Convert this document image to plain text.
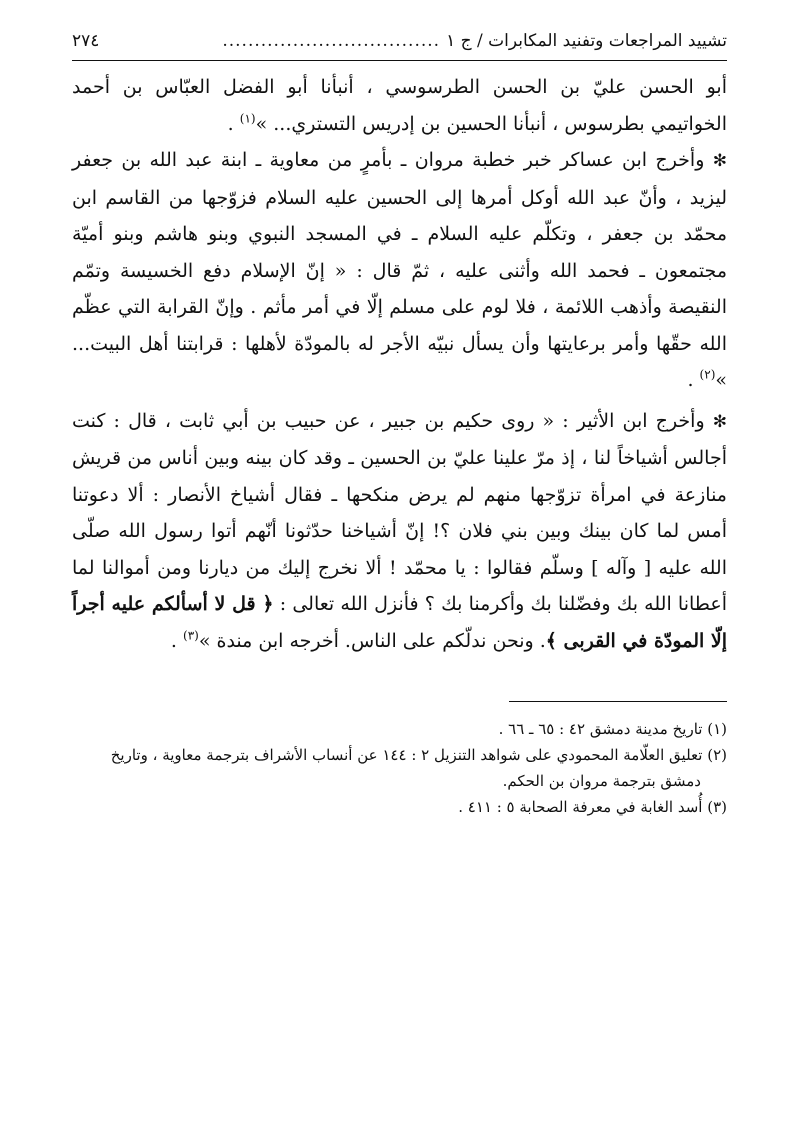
تشييد المراجعات وتفنيد المكابرات / ج ١
..................................
٢٧٤

أبو الحسن عليّ بن الحسن الطرسوسي ، أنبأنا أبو الفضل العبّاس بن أحمد الخواتيمي بطرسوس ، أنبأنا الحسين بن إدريس التستري... »$^{(١)}$ .

✻ وأخرج ابن عساكر خبر خطبة مروان ـ بأمرٍ من معاوية ـ ابنة عبد الله بن جعفر ليزيد ، وأنّ عبد الله أوكل أمرها إلى الحسين عليه السلام فزوّجها من القاسم ابن محمّد بن جعفر ، وتكلّم عليه السلام ـ في المسجد النبوي وبنو هاشم وبنو أميّة مجتمعون ـ فحمد الله وأثنى عليه ، ثمّ قال : « إنّ الإسلام دفع الخسيسة وتمّم النقيصة وأذهب اللائمة ، فلا لوم على مسلم إلّا في أمر مأثم . وإنّ القرابة التي عظّم الله حقّها وأمر برعايتها وأن يسأل نبيّه الأجر له بالمودّة لأهلها : قرابتنا أهل البيت... »$^{(٢)}$ .

✻ وأخرج ابن الأثير : « روى حكيم بن جبير ، عن حبيب بن أبي ثابت ، قال : كنت أجالس أشياخاً لنا ، إذ مرّ علينا عليّ بن الحسين ـ وقد كان بينه وبين أناس من قريش منازعة في امرأة تزوّجها منهم لم يرض منكحها ـ فقال أشياخ الأنصار : ألا دعوتنا أمس لما كان بينك وبين بني فلان ؟! إنّ أشياخنا حدّثونا أنّهم أتوا رسول الله صلّى الله عليه [ وآله ] وسلّم فقالوا : يا محمّد ! ألا نخرج إليك من ديارنا ومن أموالنا لما أعطانا الله بك وفضّلنا بك وأكرمنا بك ؟ فأنزل الله تعالى : ﴿ قل لا أسألكم عليه أجراً إلّا المودّة في القربى ﴾. ونحن ندلّكم على الناس. أخرجه ابن مندة »$^{(٣)}$ .

(١) تاريخ مدينة دمشق ٤٢ : ٦٥ ـ ٦٦ .

(٢) تعليق العلّامة المحمودي على شواهد التنزيل ٢ : ١٤٤ عن أنساب الأشراف بترجمة معاوية ، وتاريخ

دمشق بترجمة مروان بن الحكم.

(٣) أُسد الغابة في معرفة الصحابة ٥ : ٤١١ .
